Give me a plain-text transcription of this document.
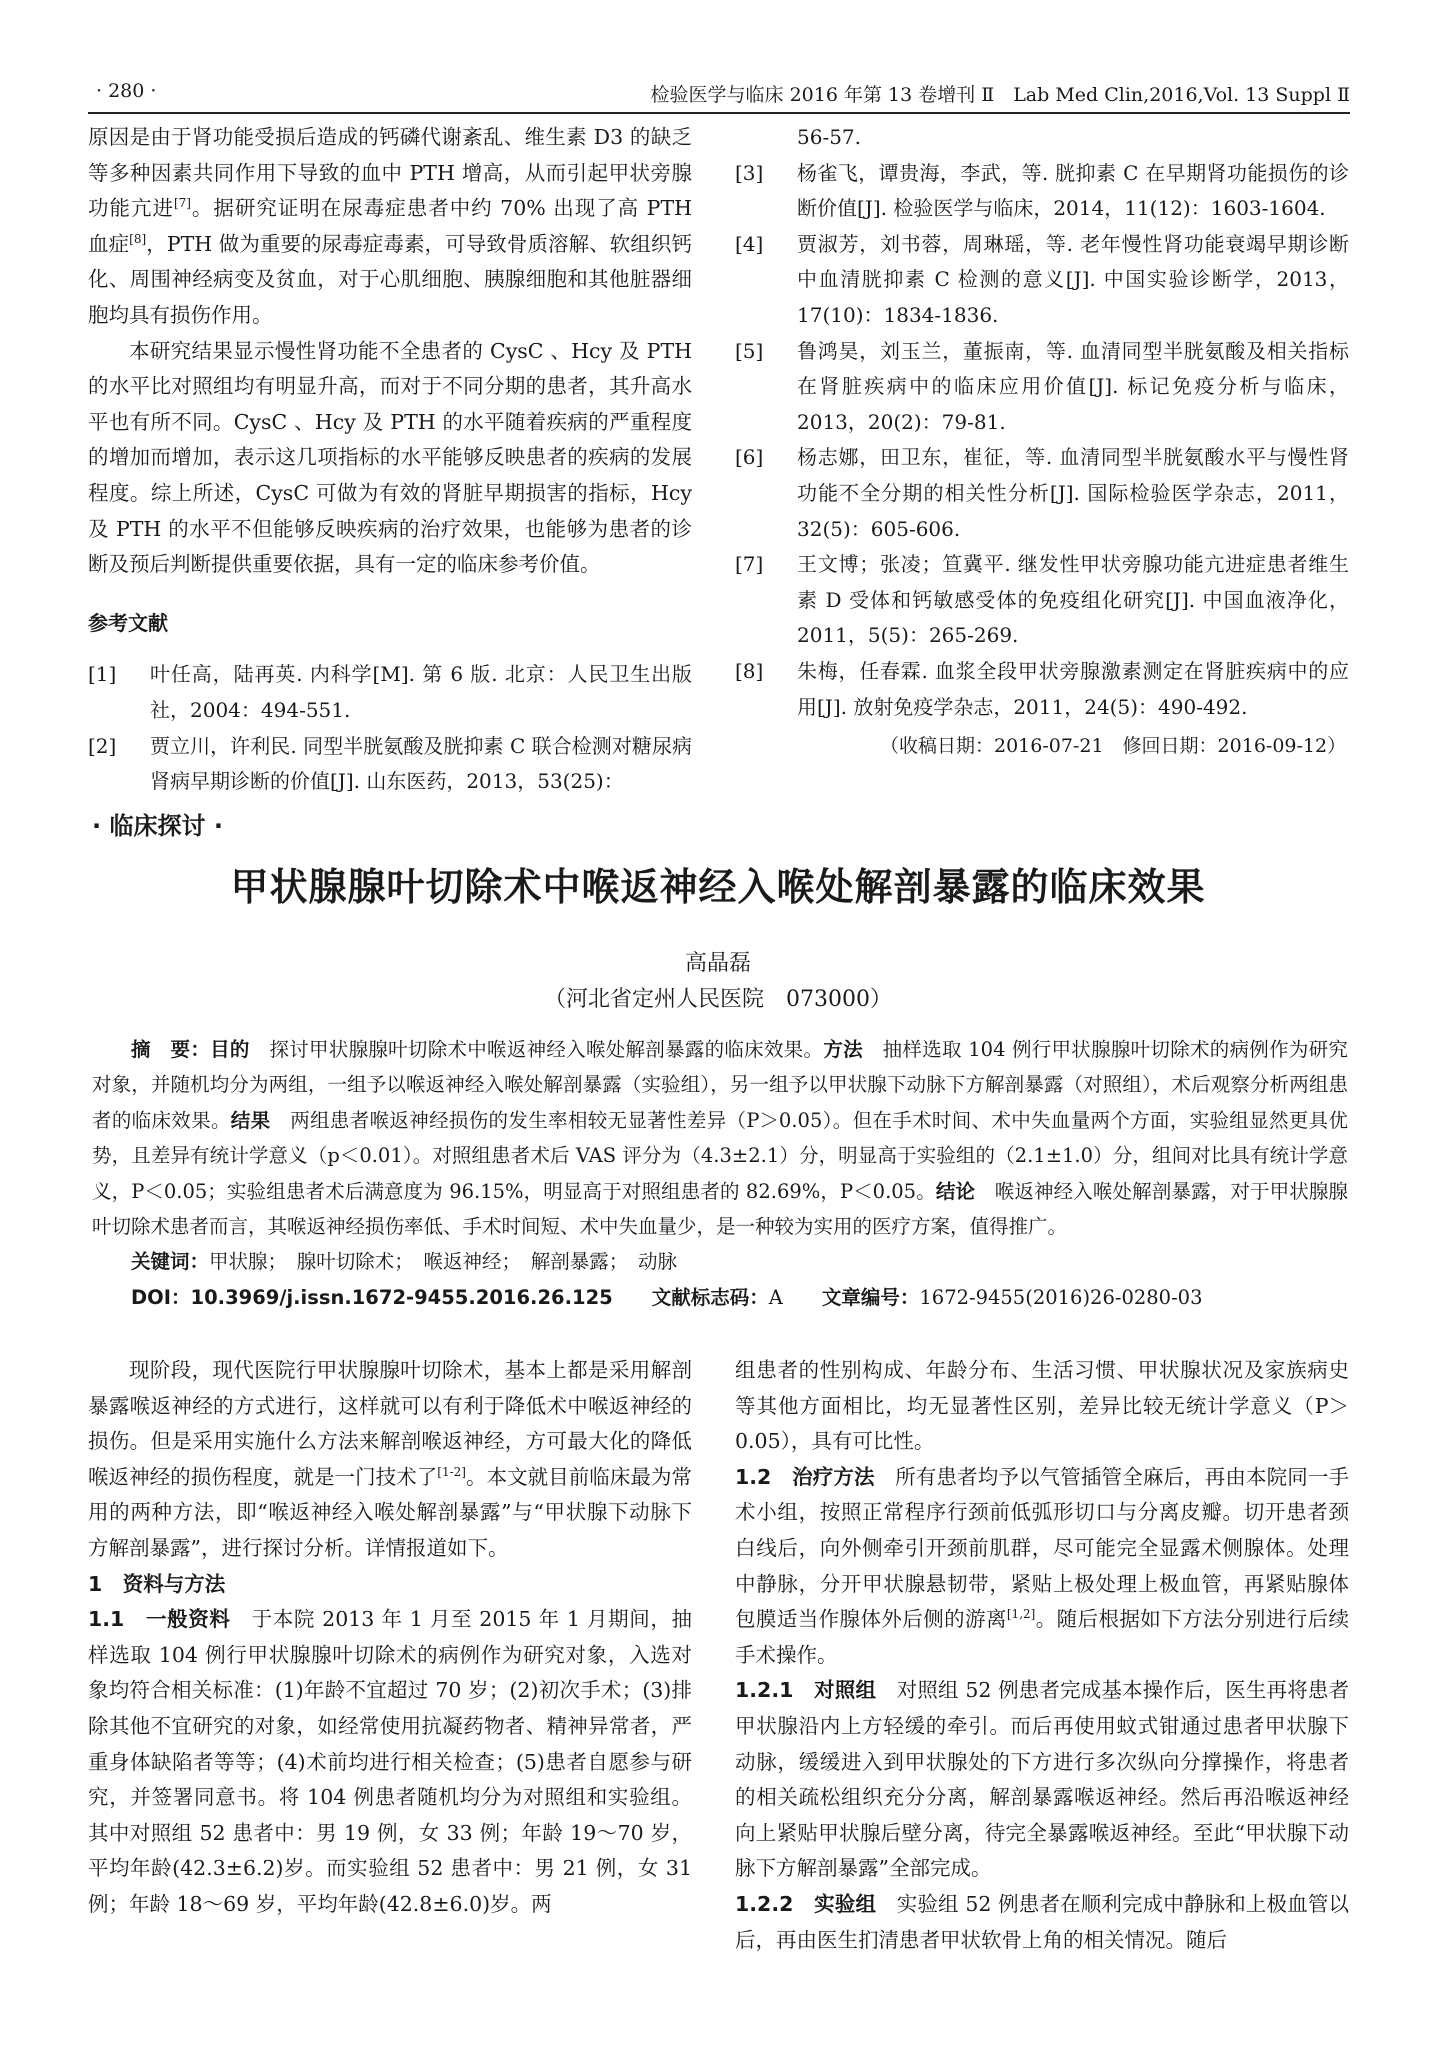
· 280 ·	检验医学与临床 2016 年第 13 卷增刊 Ⅱ　Lab Med Clin,2016,Vol. 13 Suppl Ⅱ

原因是由于肾功能受损后造成的钙磷代谢紊乱、维生素 D3 的缺乏等多种因素共同作用下导致的血中 PTH 增高，从而引起甲状旁腺功能亢进[7]。据研究证明在尿毒症患者中约 70% 出现了高 PTH 血症[8]，PTH 做为重要的尿毒症毒素，可导致骨质溶解、软组织钙化、周围神经病变及贫血，对于心肌细胞、胰腺细胞和其他脏器细胞均具有损伤作用。

本研究结果显示慢性肾功能不全患者的 CysC 、Hcy 及 PTH 的水平比对照组均有明显升高，而对于不同分期的患者，其升高水平也有所不同。CysC 、Hcy 及 PTH 的水平随着疾病的严重程度的增加而增加，表示这几项指标的水平能够反映患者的疾病的发展程度。综上所述，CysC 可做为有效的肾脏早期损害的指标，Hcy 及 PTH 的水平不但能够反映疾病的治疗效果，也能够为患者的诊断及预后判断提供重要依据，具有一定的临床参考价值。

参考文献

[1] 叶任高，陆再英. 内科学[M]. 第 6 版. 北京：人民卫生出版社，2004：494-551.

[2] 贾立川，许利民. 同型半胱氨酸及胱抑素 C 联合检测对糖尿病肾病早期诊断的价值[J]. 山东医药，2013，53(25)：

56-57.

[3] 杨雀飞，谭贵海，李武，等. 胱抑素 C 在早期肾功能损伤的诊断价值[J]. 检验医学与临床，2014，11(12)：1603-1604.

[4] 贾淑芳，刘书蓉，周琳瑶，等. 老年慢性肾功能衰竭早期诊断中血清胱抑素 C 检测的意义[J]. 中国实验诊断学，2013，17(10)：1834-1836.

[5] 鲁鸿昊，刘玉兰，董振南，等. 血清同型半胱氨酸及相关指标在肾脏疾病中的临床应用价值[J]. 标记免疫分析与临床，2013，20(2)：79-81.

[6] 杨志娜，田卫东，崔征，等. 血清同型半胱氨酸水平与慢性肾功能不全分期的相关性分析[J]. 国际检验医学杂志，2011，32(5)：605-606.

[7] 王文博；张凌；笪冀平. 继发性甲状旁腺功能亢进症患者维生素 D 受体和钙敏感受体的免疫组化研究[J]. 中国血液净化，2011，5(5)：265-269.

[8] 朱梅，任春霖. 血浆全段甲状旁腺激素测定在肾脏疾病中的应用[J]. 放射免疫学杂志，2011，24(5)：490-492.

（收稿日期：2016-07-21　修回日期：2016-09-12）
· 临床探讨 ·
甲状腺腺叶切除术中喉返神经入喉处解剖暴露的临床效果
高晶磊
（河北省定州人民医院　073000）

摘　要：目的　 探讨甲状腺腺叶切除术中喉返神经入喉处解剖暴露的临床效果。方法　 抽样选取 104 例行甲状腺腺叶切除术的病例作为研究对象，并随机均分为两组，一组予以喉返神经入喉处解剖暴露（实验组），另一组予以甲状腺下动脉下方解剖暴露（对照组），术后观察分析两组患者的临床效果。结果　 两组患者喉返神经损伤的发生率相较无显著性差异（P＞0.05）。但在手术时间、术中失血量两个方面，实验组显然更具优势，且差异有统计学意义（p＜0.01）。对照组患者术后 VAS 评分为（4.3±2.1）分，明显高于实验组的（2.1±1.0）分，组间对比具有统计学意义，P＜0.05；实验组患者术后满意度为 96.15%，明显高于对照组患者的 82.69%，P＜0.05。结论　 喉返神经入喉处解剖暴露，对于甲状腺腺叶切除术患者而言，其喉返神经损伤率低、手术时间短、术中失血量少，是一种较为实用的医疗方案，值得推广。

关键词：甲状腺；　腺叶切除术；　喉返神经；　解剖暴露；　动脉

DOI：10.3969/j.issn.1672-9455.2016.26.125　　 文献标志码：A　　 文章编号：1672-9455(2016)26-0280-03

现阶段，现代医院行甲状腺腺叶切除术，基本上都是采用解剖暴露喉返神经的方式进行，这样就可以有利于降低术中喉返神经的损伤。但是采用实施什么方法来解剖喉返神经，方可最大化的降低喉返神经的损伤程度，就是一门技术了[1-2]。本文就目前临床最为常用的两种方法，即“喉返神经入喉处解剖暴露”与“甲状腺下动脉下方解剖暴露”，进行探讨分析。详情报道如下。

1　资料与方法

1.1　一般资料　 于本院 2013 年 1 月至 2015 年 1 月期间，抽样选取 104 例行甲状腺腺叶切除术的病例作为研究对象，入选对象均符合相关标准：(1)年龄不宜超过 70 岁；(2)初次手术；(3)排除其他不宜研究的对象，如经常使用抗凝药物者、精神异常者，严重身体缺陷者等等；(4)术前均进行相关检查；(5)患者自愿参与研究，并签署同意书。将 104 例患者随机均分为对照组和实验组。其中对照组 52 患者中：男 19 例，女 33 例；年龄 19～70 岁，平均年龄(42.3±6.2)岁。而实验组 52 患者中：男 21 例，女 31 例；年龄 18～69 岁，平均年龄(42.8±6.0)岁。两

组患者的性别构成、年龄分布、生活习惯、甲状腺状况及家族病史等其他方面相比，均无显著性区别，差异比较无统计学意义（P＞0.05），具有可比性。

1.2　治疗方法　 所有患者均予以气管插管全麻后，再由本院同一手术小组，按照正常程序行颈前低弧形切口与分离皮瓣。切开患者颈白线后，向外侧牵引开颈前肌群，尽可能完全显露术侧腺体。处理中静脉，分开甲状腺悬韧带，紧贴上极处理上极血管，再紧贴腺体包膜适当作腺体外后侧的游离[1,2]。随后根据如下方法分别进行后续手术操作。

1.2.1　对照组　 对照组 52 例患者完成基本操作后，医生再将患者甲状腺沿内上方轻缓的牵引。而后再使用蚊式钳通过患者甲状腺下动脉，缓缓进入到甲状腺处的下方进行多次纵向分撑操作，将患者的相关疏松组织充分分离，解剖暴露喉返神经。然后再沿喉返神经向上紧贴甲状腺后壁分离，待完全暴露喉返神经。至此“甲状腺下动脉下方解剖暴露”全部完成。

1.2.2　实验组　 实验组 52 例患者在顺利完成中静脉和上极血管以后，再由医生扪清患者甲状软骨上角的相关情况。随后
